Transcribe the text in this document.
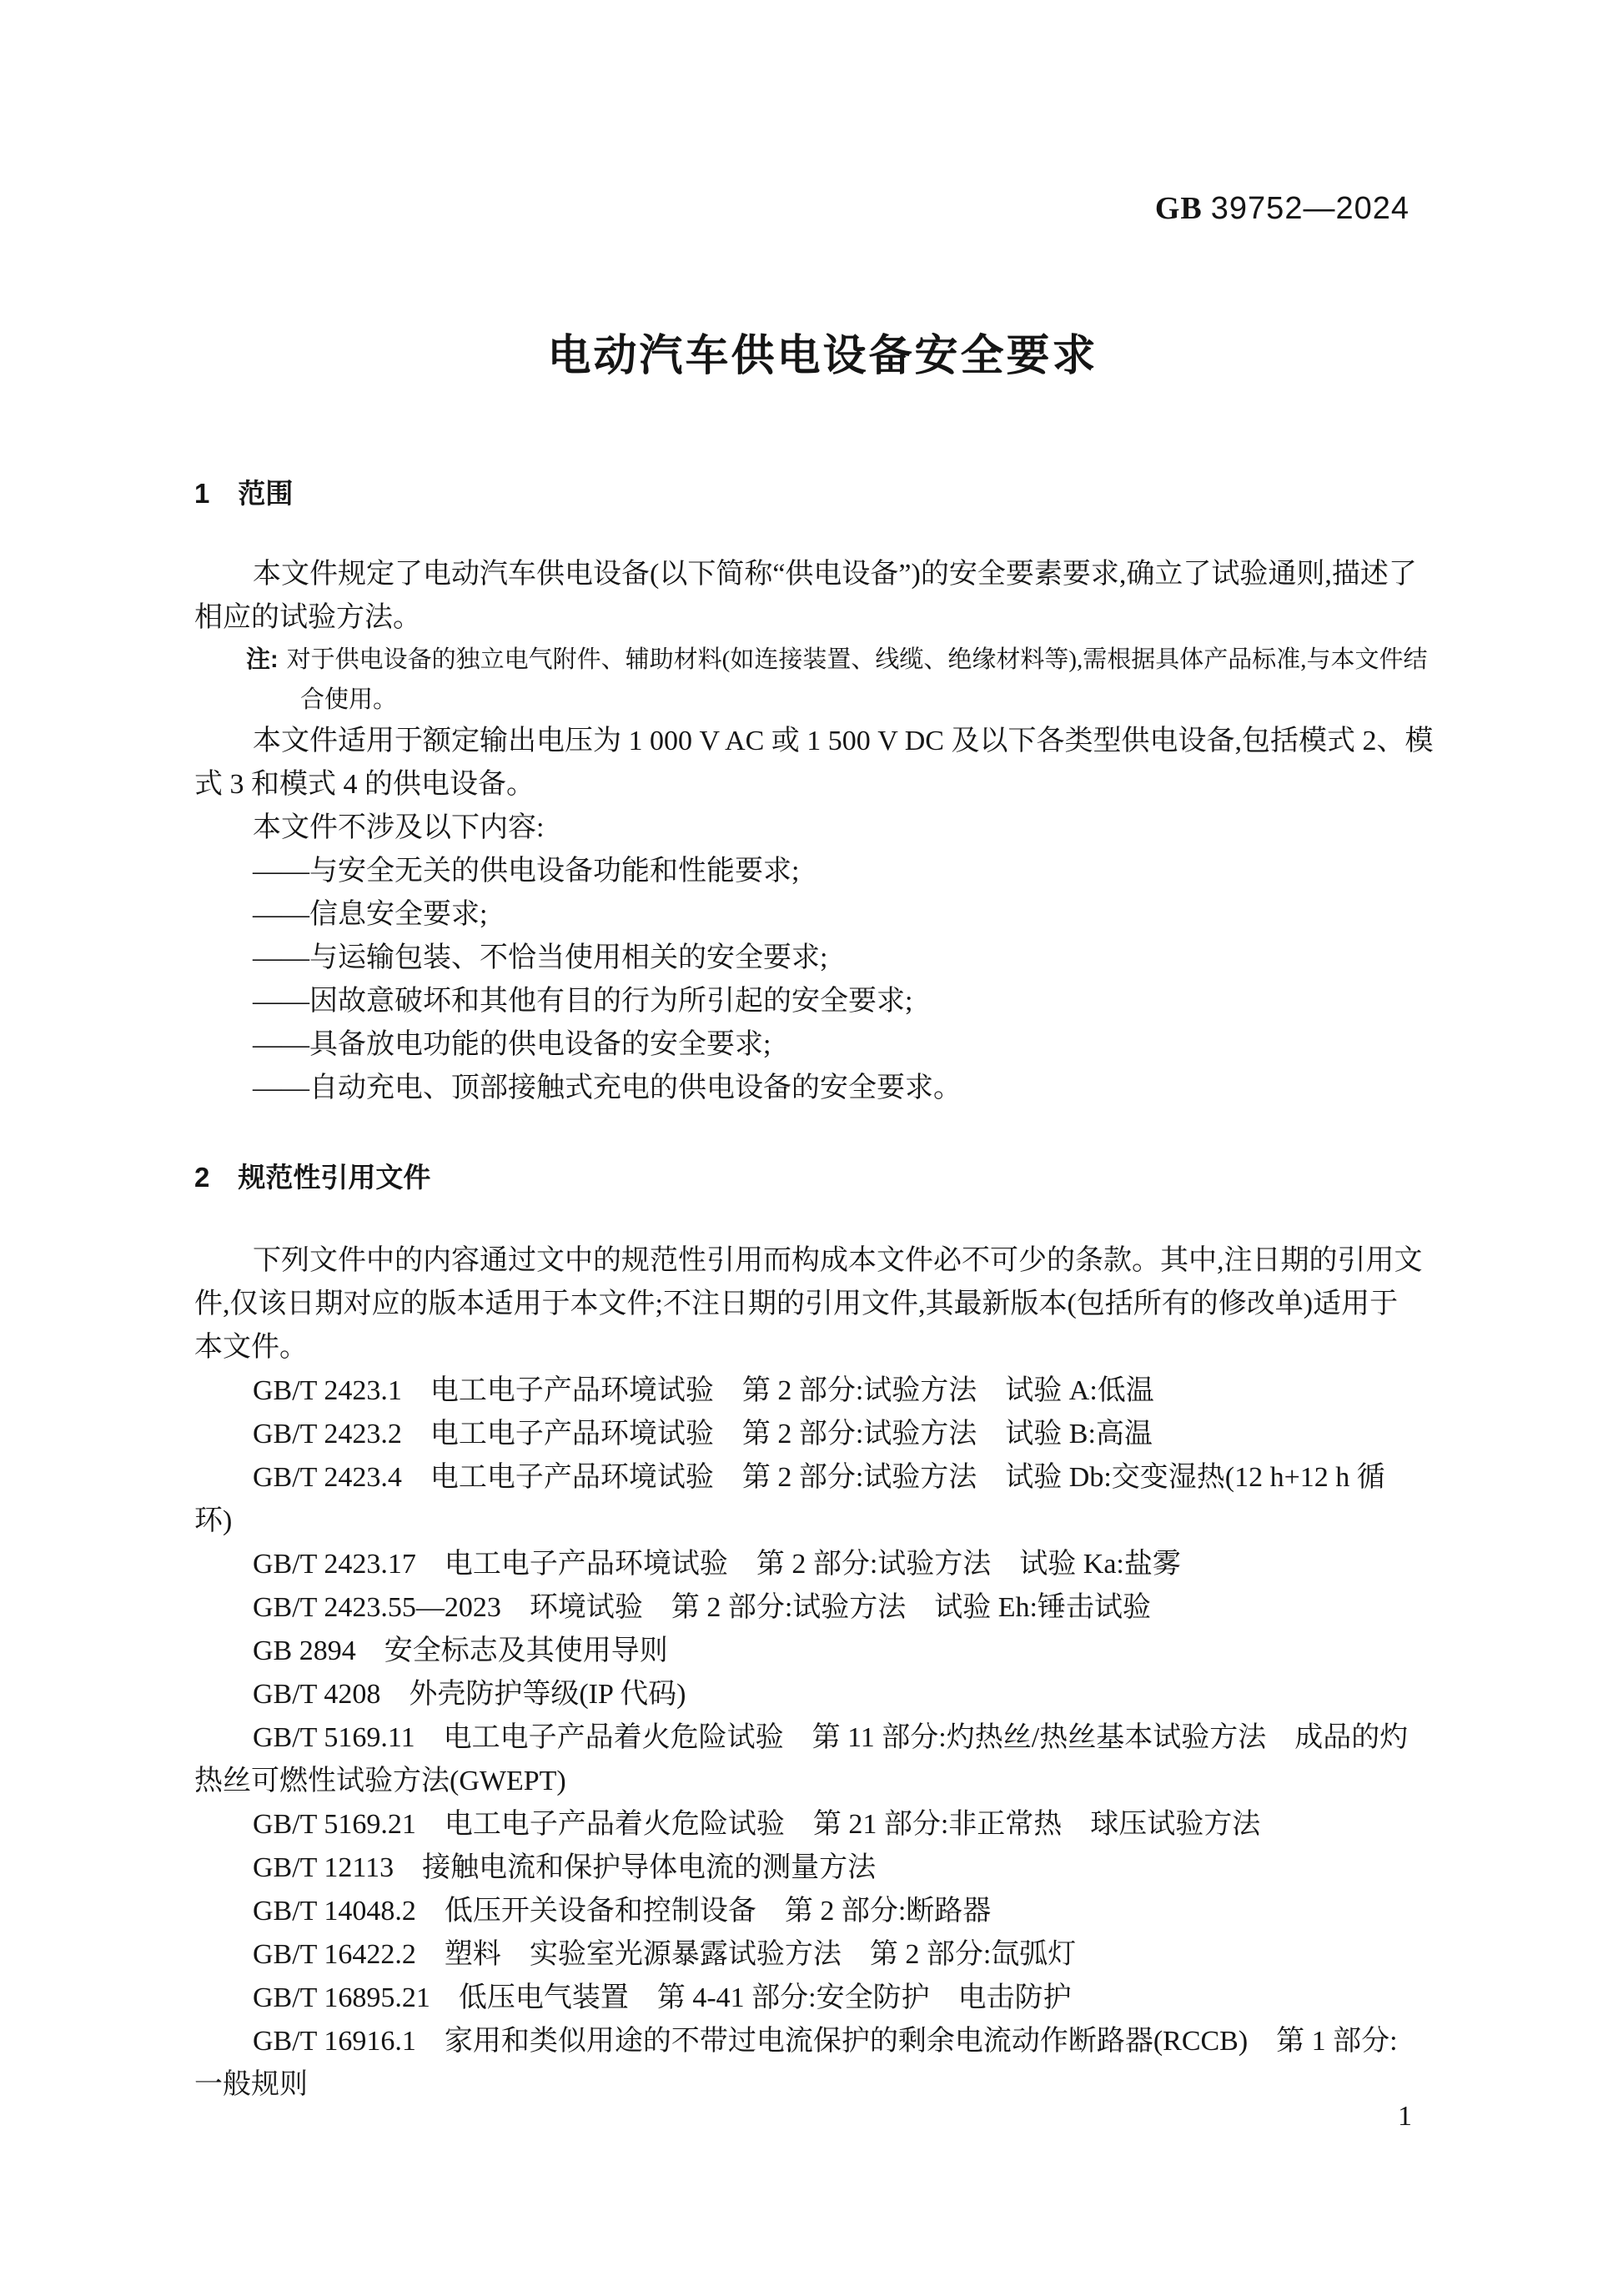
GB 39752—2024
电动汽车供电设备安全要求
1 范围
本文件规定了电动汽车供电设备(以下简称“供电设备”)的安全要素要求,确立了试验通则,描述了
相应的试验方法。
注: 对于供电设备的独立电气附件、辅助材料(如连接装置、线缆、绝缘材料等),需根据具体产品标准,与本文件结
合使用。
本文件适用于额定输出电压为 1 000 V AC 或 1 500 V DC 及以下各类型供电设备,包括模式 2、模
式 3 和模式 4 的供电设备。
本文件不涉及以下内容:
——与安全无关的供电设备功能和性能要求;
——信息安全要求;
——与运输包装、不恰当使用相关的安全要求;
——因故意破坏和其他有目的行为所引起的安全要求;
——具备放电功能的供电设备的安全要求;
——自动充电、顶部接触式充电的供电设备的安全要求。
2 规范性引用文件
下列文件中的内容通过文中的规范性引用而构成本文件必不可少的条款。其中,注日期的引用文
件,仅该日期对应的版本适用于本文件;不注日期的引用文件,其最新版本(包括所有的修改单)适用于
本文件。
GB/T 2423.1　电工电子产品环境试验　第 2 部分:试验方法　试验 A:低温
GB/T 2423.2　电工电子产品环境试验　第 2 部分:试验方法　试验 B:高温
GB/T 2423.4　电工电子产品环境试验　第 2 部分:试验方法　试验 Db:交变湿热(12 h+12 h 循
环)
GB/T 2423.17　电工电子产品环境试验　第 2 部分:试验方法　试验 Ka:盐雾
GB/T 2423.55—2023　环境试验　第 2 部分:试验方法　试验 Eh:锤击试验
GB 2894　安全标志及其使用导则
GB/T 4208　外壳防护等级(IP 代码)
GB/T 5169.11　电工电子产品着火危险试验　第 11 部分:灼热丝/热丝基本试验方法　成品的灼
热丝可燃性试验方法(GWEPT)
GB/T 5169.21　电工电子产品着火危险试验　第 21 部分:非正常热　球压试验方法
GB/T 12113　接触电流和保护导体电流的测量方法
GB/T 14048.2　低压开关设备和控制设备　第 2 部分:断路器
GB/T 16422.2　塑料　实验室光源暴露试验方法　第 2 部分:氙弧灯
GB/T 16895.21　低压电气装置　第 4-41 部分:安全防护　电击防护
GB/T 16916.1　家用和类似用途的不带过电流保护的剩余电流动作断路器(RCCB)　第 1 部分:
一般规则
1
